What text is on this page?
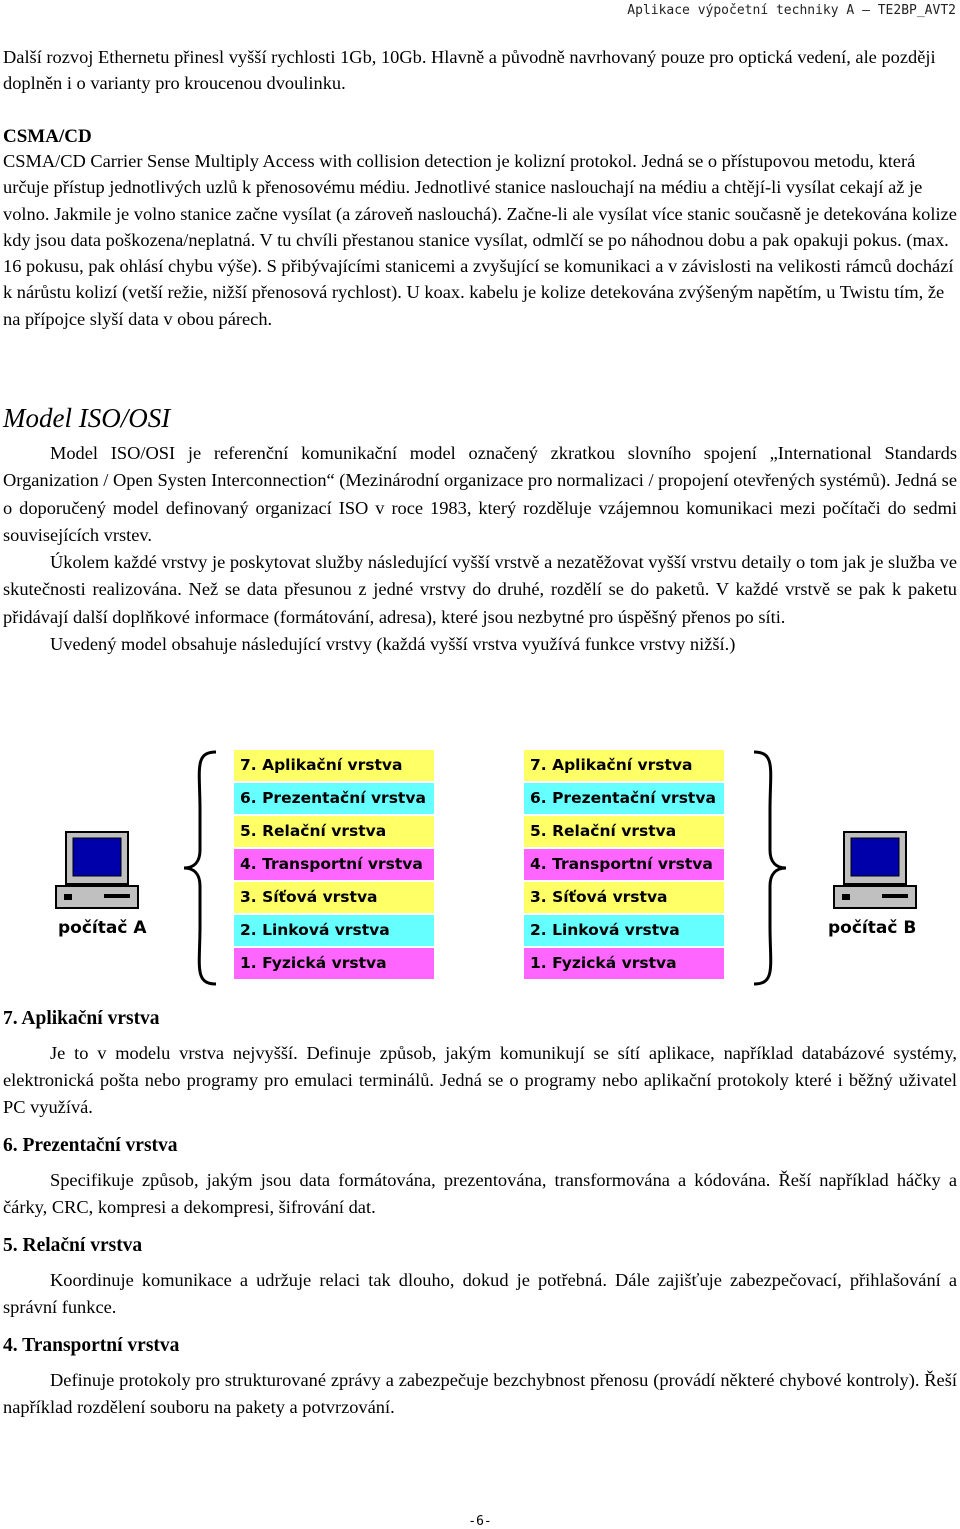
Aplikace výpočetní techniky A – TE2BP_AVT2

Další rozvoj Ethernetu přinesl vyšší rychlosti 1Gb, 10Gb. Hlavně a původně navrhovaný pouze pro optická vedení, ale později doplněn i o varianty pro kroucenou dvoulinku.

CSMA/CD

CSMA/CD Carrier Sense Multiply Access with collision detection je kolizní protokol. Jedná se o přístupovou metodu, která určuje přístup jednotlivých uzlů k přenosovému médiu. Jednotlivé stanice naslouchají na médiu a chtějí-li vysílat cekají až je volno. Jakmile je volno stanice začne vysílat (a zároveň naslouchá). Začne-li ale vysílat více stanic současně je detekována kolize kdy jsou data poškozena/neplatná. V tu chvíli přestanou stanice vysílat, odmlčí se po náhodnou dobu a pak opakuji pokus. (max. 16 pokusu, pak ohlásí chybu výše). S přibývajícími stanicemi a zvyšující se komunikaci a v závislosti na velikosti rámců dochází k nárůstu kolizí (vetší režie, nižší přenosová rychlost). U koax. kabelu je kolize detekována zvýšeným napětím, u Twistu tím, že na přípojce slyší data v obou párech.

Model ISO/OSI

Model ISO/OSI je referenční komunikační model označený zkratkou slovního spojení „International Standards Organization / Open Systen Interconnection“ (Mezinárodní organizace pro normalizaci / propojení otevřených systémů). Jedná se o doporučený model definovaný organizací ISO v roce 1983, který rozděluje vzájemnou komunikaci mezi počítači do sedmi souvisejících vrstev.

Úkolem každé vrstvy je poskytovat služby následující vyšší vrstvě a nezatěžovat vyšší vrstvu detaily o tom jak je služba ve skutečnosti realizována. Než se data přesunou z jedné vrstvy do druhé, rozdělí se do paketů. V každé vrstvě se pak k paketu přidávají další doplňkové informace (formátování, adresa), které jsou nezbytné pro úspěšný přenos po síti.

Uvedený model obsahuje následující vrstvy (každá vyšší vrstva využívá funkce vrstvy nižší.)

počítač A
7. Aplikační vrstva
6. Prezentační vrstva
5. Relační vrstva
4. Transportní vrstva
3. Síťová vrstva
2. Linková vrstva
1. Fyzická vrstva
7. Aplikační vrstva
6. Prezentační vrstva
5. Relační vrstva
4. Transportní vrstva
3. Síťová vrstva
2. Linková vrstva
1. Fyzická vrstva
počítač B

7. Aplikační vrstva

Je to v modelu vrstva nejvyšší. Definuje způsob, jakým komunikují se sítí aplikace, například databázové systémy, elektronická pošta nebo programy pro emulaci terminálů. Jedná se o programy nebo aplikační protokoly které i běžný uživatel PC využívá.

6. Prezentační vrstva

Specifikuje způsob, jakým jsou data formátována, prezentována, transformována a kódována. Řeší například háčky a čárky, CRC, kompresi a dekompresi, šifrování dat.

5. Relační vrstva

Koordinuje komunikace a udržuje relaci tak dlouho, dokud je potřebná. Dále zajišťuje zabezpečovací, přihlašování a správní funkce.

4. Transportní vrstva

Definuje protokoly pro strukturované zprávy a zabezpečuje bezchybnost přenosu (provádí některé chybové kontroly). Řeší například rozdělení souboru na pakety a potvrzování.

-6-
